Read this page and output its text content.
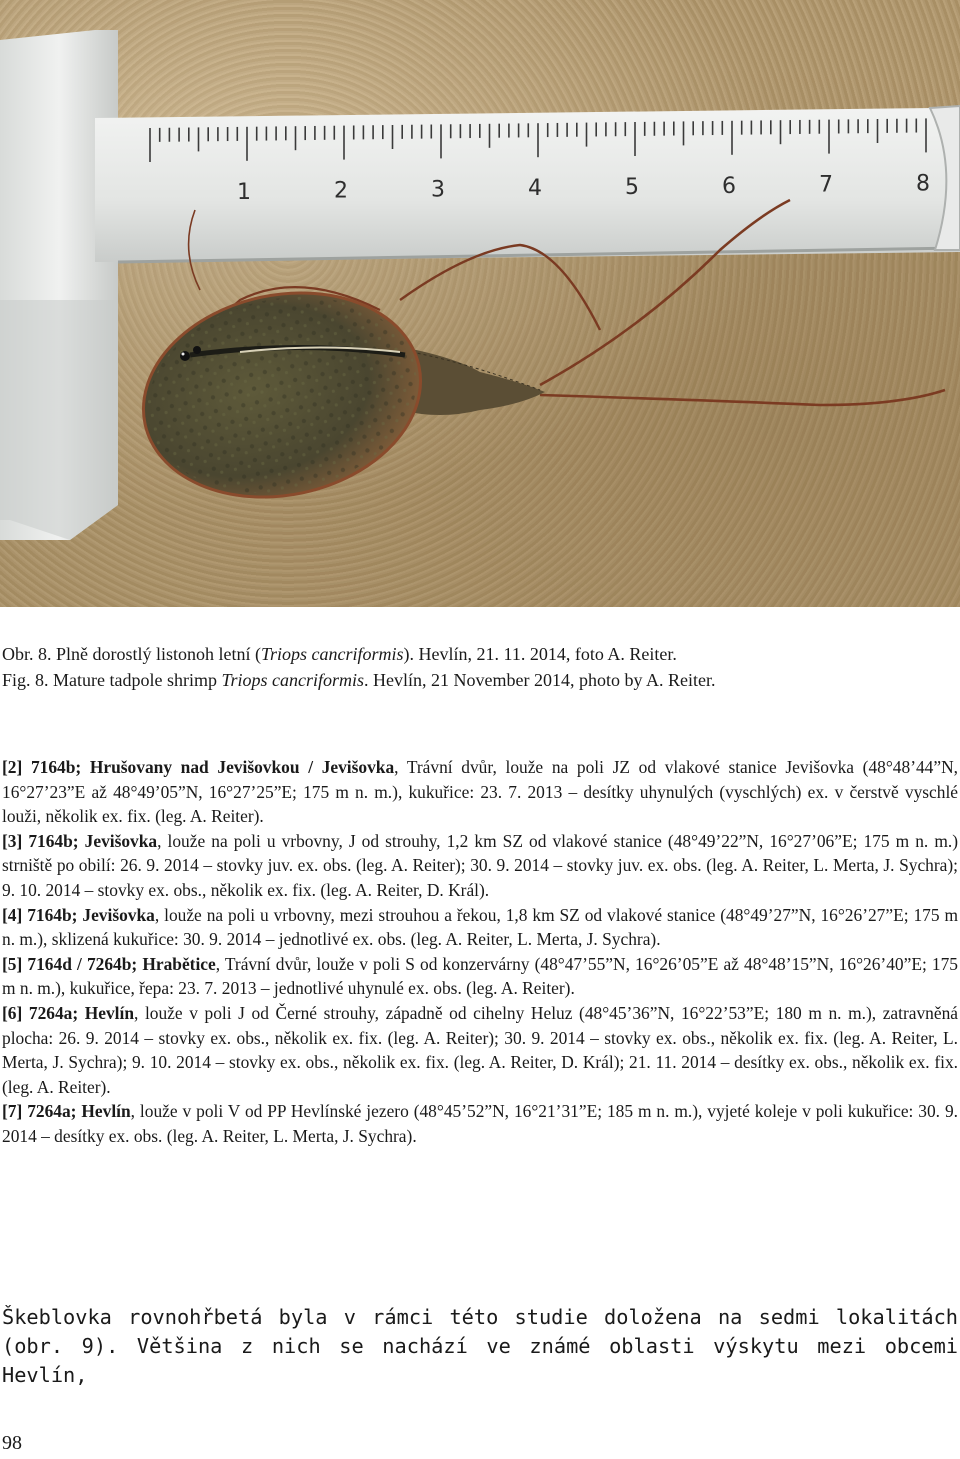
1	2	3	4	5	6	7	8
Obr. 8. Plně dorostlý listonoh letní (Triops cancriformis). Hevlín, 21. 11. 2014, foto A. Reiter.
Fig. 8. Mature tadpole shrimp Triops cancriformis. Hevlín, 21 November 2014, photo by A. Reiter.

[2] 7164b; Hrušovany nad Jevišovkou / Jevišovka, Trávní dvůr, louže na poli JZ od vlakové stanice Jevišovka (48°48’44”N, 16°27’23”E až 48°49’05”N, 16°27’25”E; 175 m n. m.), kukuřice: 23. 7. 2013 – desítky uhynulých (vyschlých) ex. v čerstvě vyschlé louži, několik ex. fix. (leg. A. Reiter).

[3] 7164b; Jevišovka, louže na poli u vrbovny, J od strouhy, 1,2 km SZ od vlakové stanice (48°49’22”N, 16°27’06”E; 175 m n. m.) strniště po obilí: 26. 9. 2014 – stovky juv. ex. obs. (leg. A. Reiter); 30. 9. 2014 – stovky juv. ex. obs. (leg. A. Reiter, L. Merta, J. Sychra); 9. 10. 2014 – stovky ex. obs., několik ex. fix. (leg. A. Reiter, D. Král).

[4] 7164b; Jevišovka, louže na poli u vrbovny, mezi strouhou a řekou, 1,8 km SZ od vlakové stanice (48°49’27”N, 16°26’27”E; 175 m n. m.), sklizená kukuřice: 30. 9. 2014 – jednotlivé ex. obs. (leg. A. Reiter, L. Merta, J. Sychra).

[5] 7164d / 7264b; Hrabětice, Trávní dvůr, louže v poli S od konzervárny (48°47’55”N, 16°26’05”E až 48°48’15”N, 16°26’40”E; 175 m n. m.), kukuřice, řepa: 23. 7. 2013 – jednotlivé uhynulé ex. obs. (leg. A. Reiter).

[6] 7264a; Hevlín, louže v poli J od Černé strouhy, západně od cihelny Heluz (48°45’36”N, 16°22’53”E; 180 m n. m.), zatravněná plocha: 26. 9. 2014 – stovky ex. obs., několik ex. fix. (leg. A. Reiter); 30. 9. 2014 – stovky ex. obs., několik ex. fix. (leg. A. Reiter, L. Merta, J. Sychra); 9. 10. 2014 – stovky ex. obs., několik ex. fix. (leg. A. Reiter, D. Král); 21. 11. 2014 – desítky ex. obs., několik ex. fix. (leg. A. Reiter).

[7] 7264a; Hevlín, louže v poli V od PP Hevlínské jezero (48°45’52”N, 16°21’31”E; 185 m n. m.), vyjeté koleje v poli kukuřice: 30. 9. 2014 – desítky ex. obs. (leg. A. Reiter, L. Merta, J. Sychra).

Škeblovka rovnohřbetá byla v rámci této studie doložena na sedmi lokalitách (obr. 9). Většina z nich se nachází ve známé oblasti výskytu mezi obcemi Hevlín,
98
